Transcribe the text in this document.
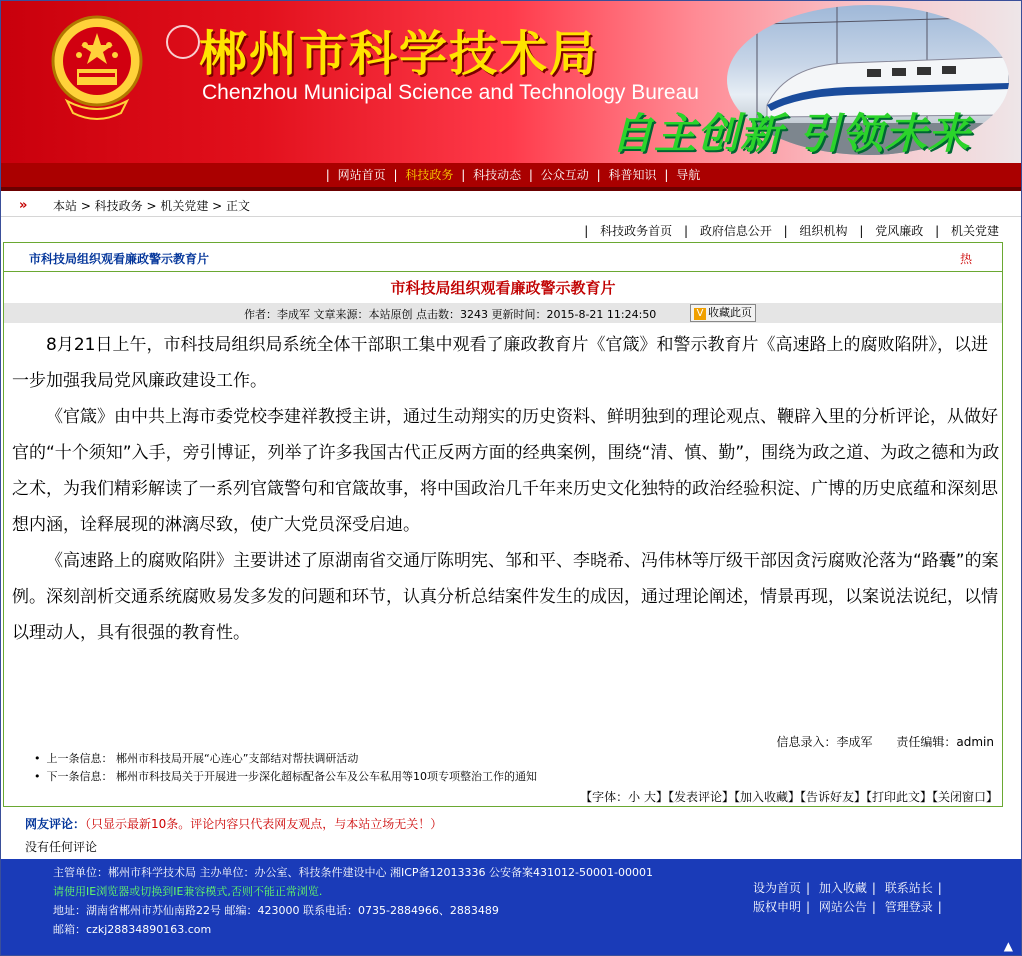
郴州市科学技术局
Chenzhou Municipal Science and Technology Bureau
自主创新 引领未来
| 网站首页 | 科技政务 | 科技动态 | 公众互动 | 科普知识 | 导航
» 本站 > 科技政务 > 机关党建 > 正文
| 科技政务首页 | 政府信息公开 | 组织机构 | 党风廉政 | 机关党建
市科技局组织观看廉政警示教育片	热
市科技局组织观看廉政警示教育片
作者：李成军 文章来源：本站原创 点击数：3243 更新时间：2015-8-21 11:24:50	V 收藏此页

8月21日上午，市科技局组织局系统全体干部职工集中观看了廉政教育片《官箴》和警示教育片《高速路上的腐败陷阱》，以进一步加强我局党风廉政建设工作。

《官箴》由中共上海市委党校李建祥教授主讲，通过生动翔实的历史资料、鲜明独到的理论观点、鞭辟入里的分析评论，从做好官的“十个须知”入手，旁引博证，列举了许多我国古代正反两方面的经典案例，围绕“清、慎、勤”，围绕为政之道、为政之德和为政之术，为我们精彩解读了一系列官箴警句和官箴故事，将中国政治几千年来历史文化独特的政治经验积淀、广博的历史底蕴和深刻思想内涵，诠释展现的淋漓尽致，使广大党员深受启迪。

《高速路上的腐败陷阱》主要讲述了原湖南省交通厅陈明宪、邹和平、李晓希、冯伟林等厅级干部因贪污腐败沦落为“路囊”的案例。深刻剖析交通系统腐败易发多发的问题和环节，认真分析总结案件发生的成因，通过理论阐述，情景再现，以案说法说纪，以情以理动人，具有很强的教育性。

信息录入：李成军 责任编辑：admin
• 上一条信息： 郴州市科技局开展“心连心”支部结对帮扶调研活动
• 下一条信息： 郴州市科技局关于开展进一步深化超标配备公车及公车私用等10项专项整治工作的通知
【字体：小 大】【发表评论】【加入收藏】【告诉好友】【打印此文】【关闭窗口】
网友评论：（只显示最新10条。评论内容只代表网友观点，与本站立场无关！）
没有任何评论
主管单位：郴州市科学技术局 主办单位：办公室、科技条件建设中心 湘ICP备12013336 公安备案431012-50001-00001
请使用IE浏览器或切换到IE兼容模式,否则不能正常浏览.
地址：湖南省郴州市苏仙南路22号 邮编：423000 联系电话：0735-2884966、2883489
邮箱：czkj28834890163.com
设为首页 | 加入收藏 | 联系站长 |
版权申明 | 网站公告 | 管理登录 |
▲
